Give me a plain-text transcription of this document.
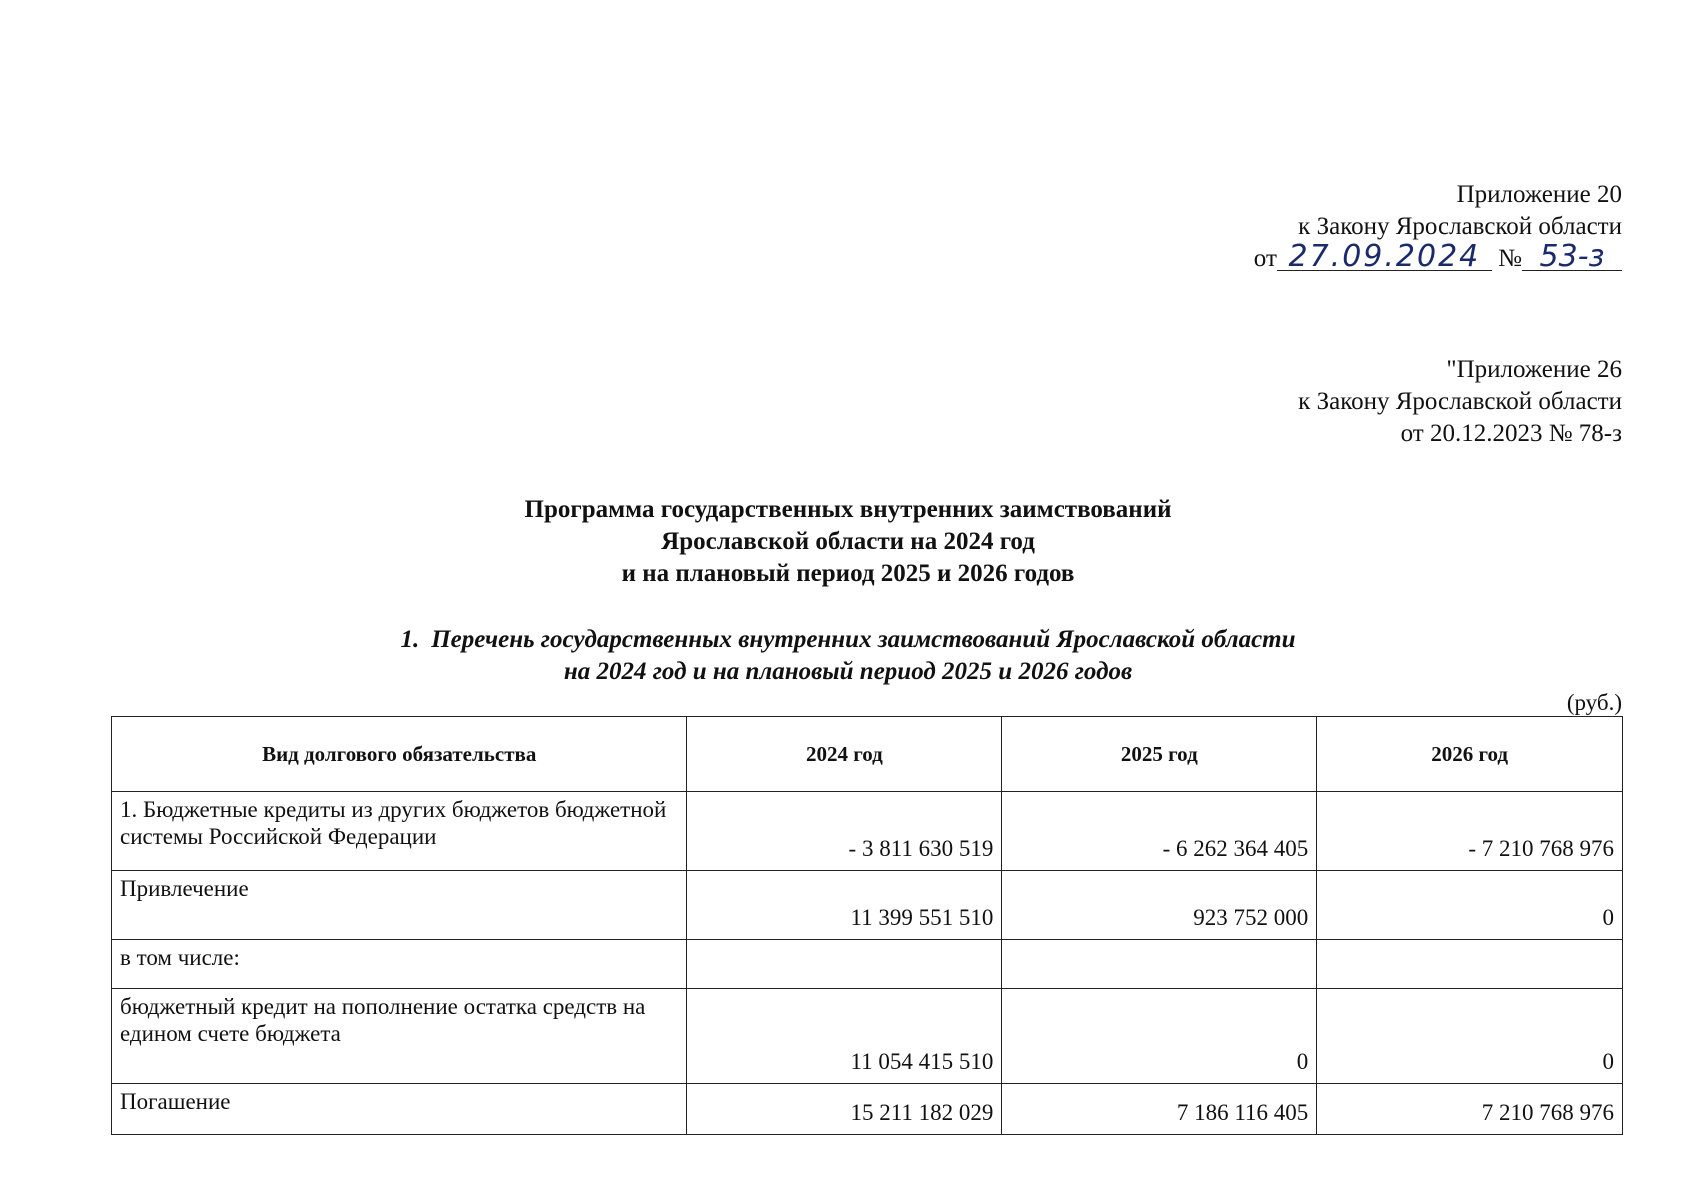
Приложение 20
к Закону Ярославской области
от 27.09.2024 № 53-з
"Приложение 26
к Закону Ярославской области
от 20.12.2023 № 78-з
Программа государственных внутренних заимствований
Ярославской области на 2024 год
и на плановый период 2025 и 2026 годов
1. Перечень государственных внутренних заимствований Ярославской области
на 2024 год и на плановый период 2025 и 2026 годов
(руб.)
Вид долгового обязательства	2024 год	2025 год	2026 год
1. Бюджетные кредиты из других бюджетов бюджетной системы Российской Федерации	- 3 811 630 519	- 6 262 364 405	- 7 210 768 976
Привлечение	11 399 551 510	923 752 000	0
в том числе:			
бюджетный кредит на пополнение остатка средств на едином счете бюджета	11 054 415 510	0	0
Погашение	15 211 182 029	7 186 116 405	7 210 768 976
